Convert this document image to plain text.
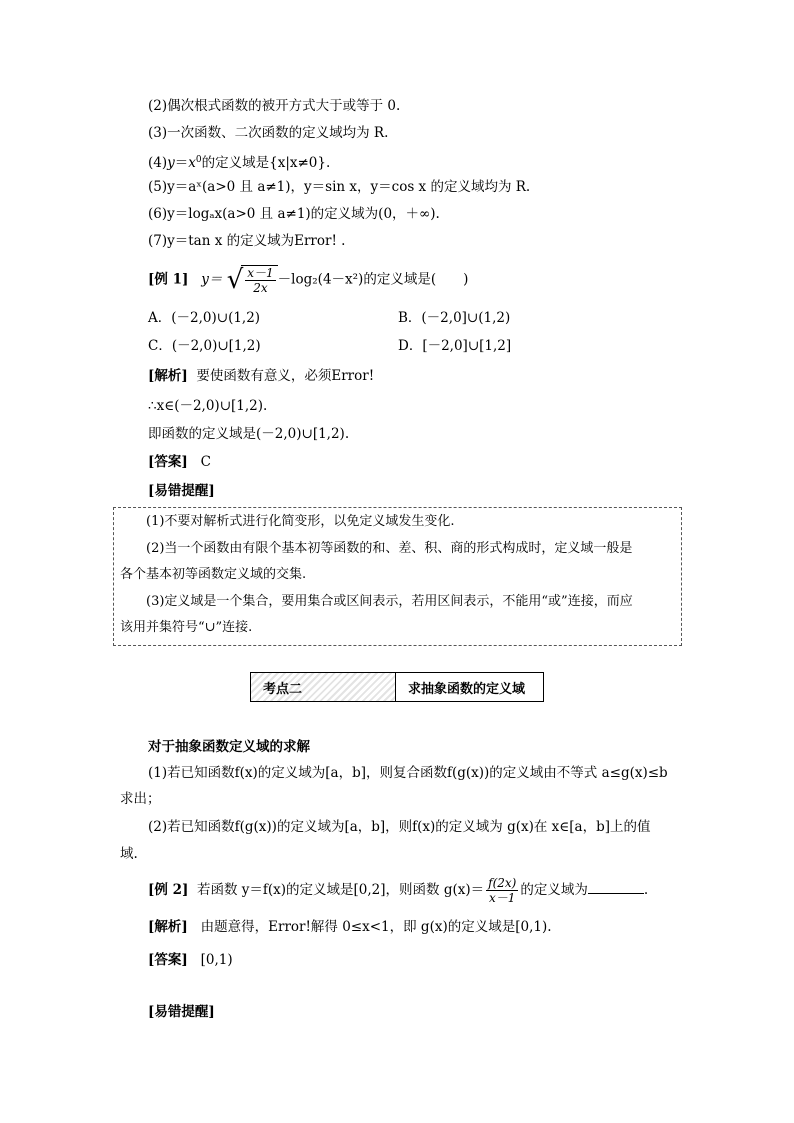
(2)偶次根式函数的被开方式大于或等于 0.
(3)一次函数、二次函数的定义域均为 R.
$(4)y=x^0$的定义域是{x|x≠0}.
(5)y＝aˣ(a>0 且 a≠1)，y＝sin x，y＝cos x 的定义域均为 R.
(6)y＝logₐx(a>0 且 a≠1)的定义域为(0，＋∞).
(7)y＝tan x 的定义域为Error! .
[例 1] y＝ √ $\frac{x-1}{2x} -\log_2(4-x^2)$的定义域是(　　)
A．(－2,0)∪(1,2)	B．(－2,0]∪(1,2)
C．(－2,0)∪[1,2)	D．[－2,0]∪[1,2]
[解析] 要使函数有意义，必须Error!
∴x∈(－2,0)∪[1,2).
即函数的定义域是(－2,0)∪[1,2).
[答案] C
[易错提醒]
(1)不要对解析式进行化简变形，以免定义域发生变化.
(2)当一个函数由有限个基本初等函数的和、差、积、商的形式构成时，定义域一般是
各个基本初等函数定义域的交集.
(3)定义域是一个集合，要用集合或区间表示，若用区间表示，不能用“或”连接，而应
该用并集符号“∪”连接.
考点二	求抽象函数的定义域
对于抽象函数定义域的求解
(1)若已知函数f(x)的定义域为[a，b]，则复合函数f(g(x))的定义域由不等式 a≤g(x)≤b
求出；
(2)若已知函数f(g(x))的定义域为[a，b]，则f(x)的定义域为 g(x)在 x∈[a，b]上的值
域.
[例 2] 若函数 y＝f(x)的定义域是[0,2]，则函数 $g(x)= \frac{f(2x)}{x-1}$ 的定义域为	.
[解析] 由题意得，Error!解得 0≤x<1，即 g(x)的定义域是[0,1).
[答案] [0,1)
[易错提醒]
